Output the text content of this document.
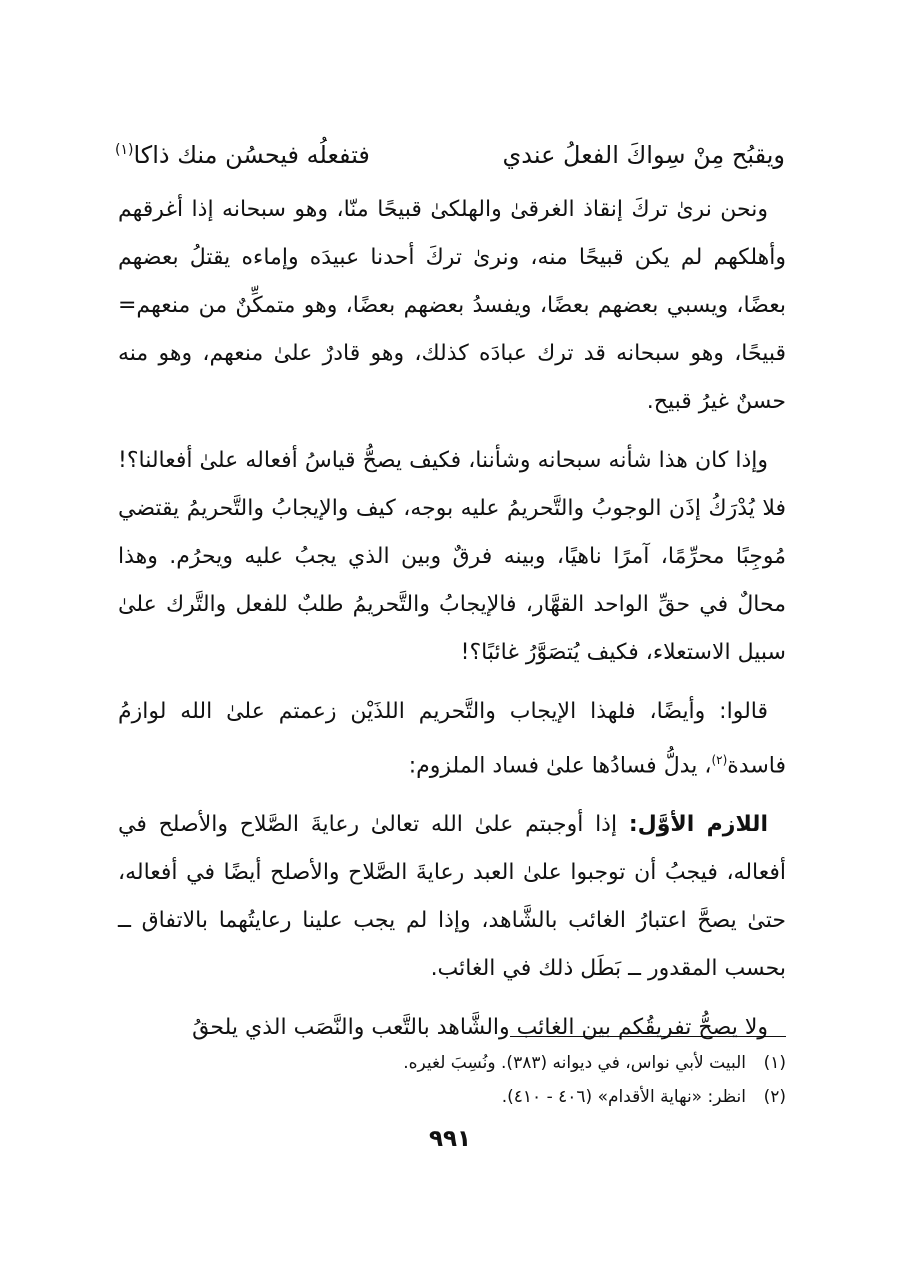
ويقبُح مِنْ سِواكَ الفعلُ عندي
فتفعلُه فيحسُن منك ذاكا$^{(١)}$

ونحن نرىٰ تركَ إنقاذ الغرقىٰ والهلكىٰ قبيحًا منّا، وهو سبحانه إذا أغرقهم وأهلكهم لم يكن قبيحًا منه، ونرىٰ تركَ أحدنا عبيدَه وإماءه يقتلُ بعضهم بعضًا، ويسبي بعضهم بعضًا، ويفسدُ بعضهم بعضًا، وهو متمكِّنٌ من منعهم= قبيحًا، وهو سبحانه قد ترك عبادَه كذلك، وهو قادرٌ علىٰ منعهم، وهو منه حسنٌ غيرُ قبيح.

وإذا كان هذا شأنه سبحانه وشأننا، فكيف يصحُّ قياسُ أفعاله علىٰ أفعالنا؟! فلا يُدْرَكُ إذَن الوجوبُ والتَّحريمُ عليه بوجه، كيف والإيجابُ والتَّحريمُ يقتضي مُوجِبًا محرِّمًا، آمرًا ناهيًا، وبينه فرقٌ وبين الذي يجبُ عليه ويحرُم. وهذا محالٌ في حقِّ الواحد القهَّار، فالإيجابُ والتَّحريمُ طلبٌ للفعل والتَّرك علىٰ سبيل الاستعلاء، فكيف يُتصَوَّرُ غائبًا؟!

قالوا: وأيضًا، فلهذا الإيجاب والتَّحريم اللذَيْن زعمتم علىٰ الله لوازمُ فاسدة$^{(٢)}$، يدلُّ فسادُها علىٰ فساد الملزوم:

اللازم الأوَّل: إذا أوجبتم علىٰ الله تعالىٰ رعايةَ الصَّلاح والأصلح في أفعاله، فيجبُ أن توجبوا علىٰ العبد رعايةَ الصَّلاح والأصلح أيضًا في أفعاله، حتىٰ يصحَّ اعتبارُ الغائب بالشَّاهد، وإذا لم يجب علينا رعايتُهما بالاتفاق ــ بحسب المقدور ــ بَطَل ذلك في الغائب.

ولا يصحُّ تفريقُكم بين الغائب والشَّاهد بالتَّعب والنَّصَب الذي يلحقُ

(١)
البيت لأبي نواس، في ديوانه (٣٨٣). ونُسِبَ لغيره.
(٢)
انظر: «نهاية الأقدام» (٤٠٦ - ٤١٠).
٩٩١
